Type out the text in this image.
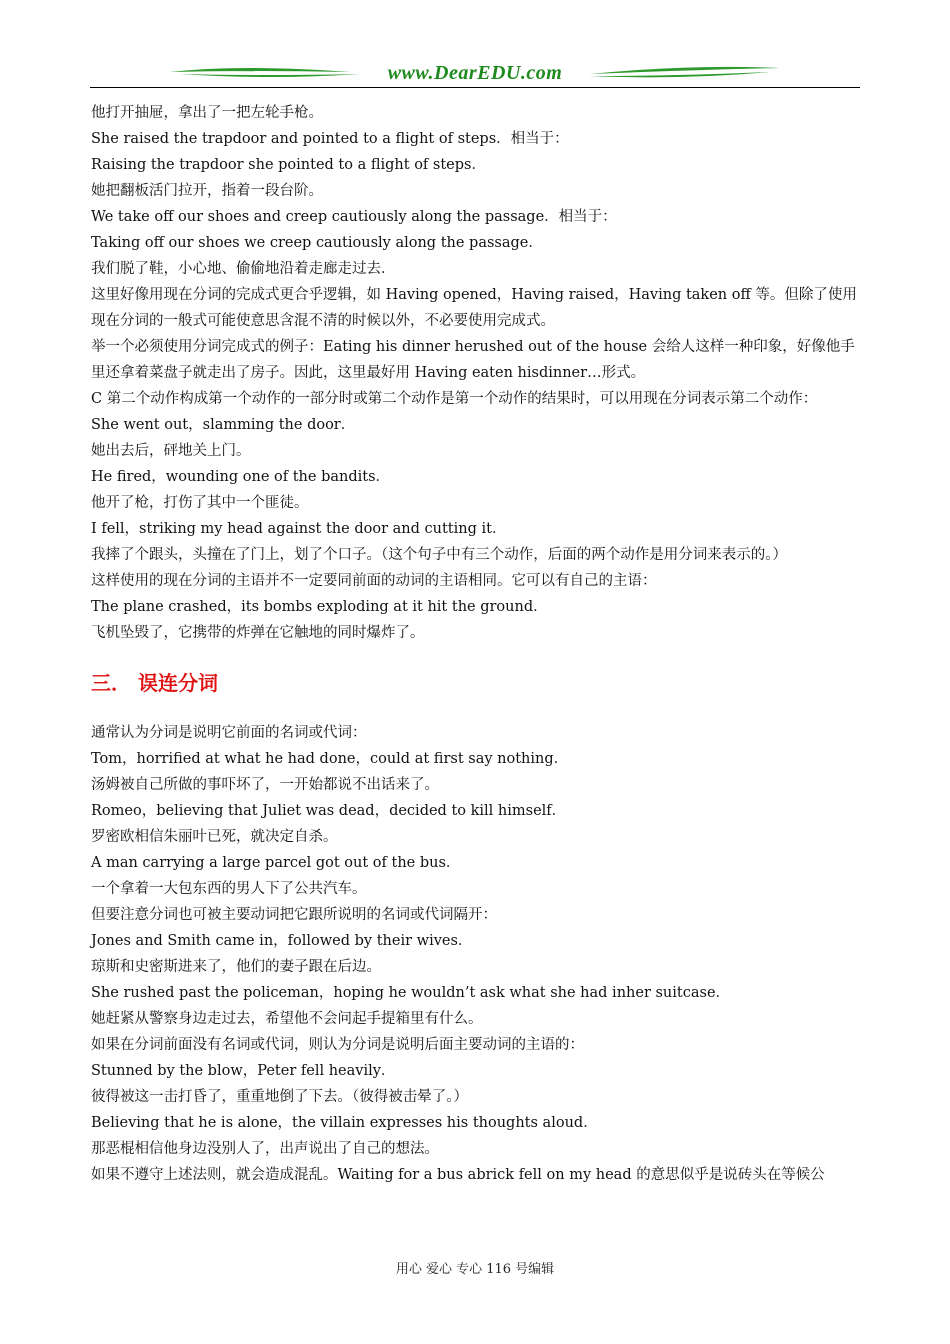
www.DearEDU.com
他打开抽屉，拿出了一把左轮手枪。
She raised the trapdoor and pointed to a flight of steps．相当于：
Raising the trapdoor she pointed to a flight of steps．
她把翻板活门拉开，指着一段台阶。
We take off our shoes and creep cautiously along the passage．相当于：
Taking off our shoes we creep cautiously along the passage．
我们脱了鞋，小心地、偷偷地沿着走廊走过去．
这里好像用现在分词的完成式更合乎逻辑，如 Having opened，Having raised，Having taken off 等。但除了使用现在分词的一般式可能使意思含混不清的时候以外，不必要使用完成式。
举一个必须使用分词完成式的例子：Eating his dinner herushed out of the house 会给人这样一种印象，好像他手里还拿着菜盘子就走出了房子。因此，这里最好用 Having eaten hisdinner…形式。
C 第二个动作构成第一个动作的一部分时或第二个动作是第一个动作的结果时，可以用现在分词表示第二个动作：
She went out，slamming the door．
她出去后，砰地关上门。
He fired，wounding one of the bandits．
他开了枪，打伤了其中一个匪徒。
I fell，striking my head against the door and cutting it．
我摔了个跟头，头撞在了门上，划了个口子。（这个句子中有三个动作，后面的两个动作是用分词来表示的。）
这样使用的现在分词的主语并不一定要同前面的动词的主语相同。它可以有自己的主语：
The plane crashed，its bombs exploding at it hit the ground．
飞机坠毁了，它携带的炸弹在它触地的同时爆炸了。
三． 误连分词
通常认为分词是说明它前面的名词或代词：
Tom，horrified at what he had done，could at first say nothing．
汤姆被自己所做的事吓坏了，一开始都说不出话来了。
Romeo，believing that Juliet was dead，decided to kill himself．
罗密欧相信朱丽叶已死，就决定自杀。
A man carrying a large parcel got out of the bus．
一个拿着一大包东西的男人下了公共汽车。
但要注意分词也可被主要动词把它跟所说明的名词或代词隔开：
Jones and Smith came in，followed by their wives．
琼斯和史密斯进来了，他们的妻子跟在后边。
She rushed past the policeman，hoping he wouldn’t ask what she had inher suitcase．
她赶紧从警察身边走过去，希望他不会问起手提箱里有什么。
如果在分词前面没有名词或代词，则认为分词是说明后面主要动词的主语的：
Stunned by the blow，Peter fell heavily．
彼得被这一击打昏了，重重地倒了下去。（彼得被击晕了。）
Believing that he is alone，the villain expresses his thoughts aloud．
那恶棍相信他身边没别人了，出声说出了自己的想法。
如果不遵守上述法则，就会造成混乱。Waiting for a bus abrick fell on my head 的意思似乎是说砖头在等候公
用心 爱心 专心 116 号编辑
